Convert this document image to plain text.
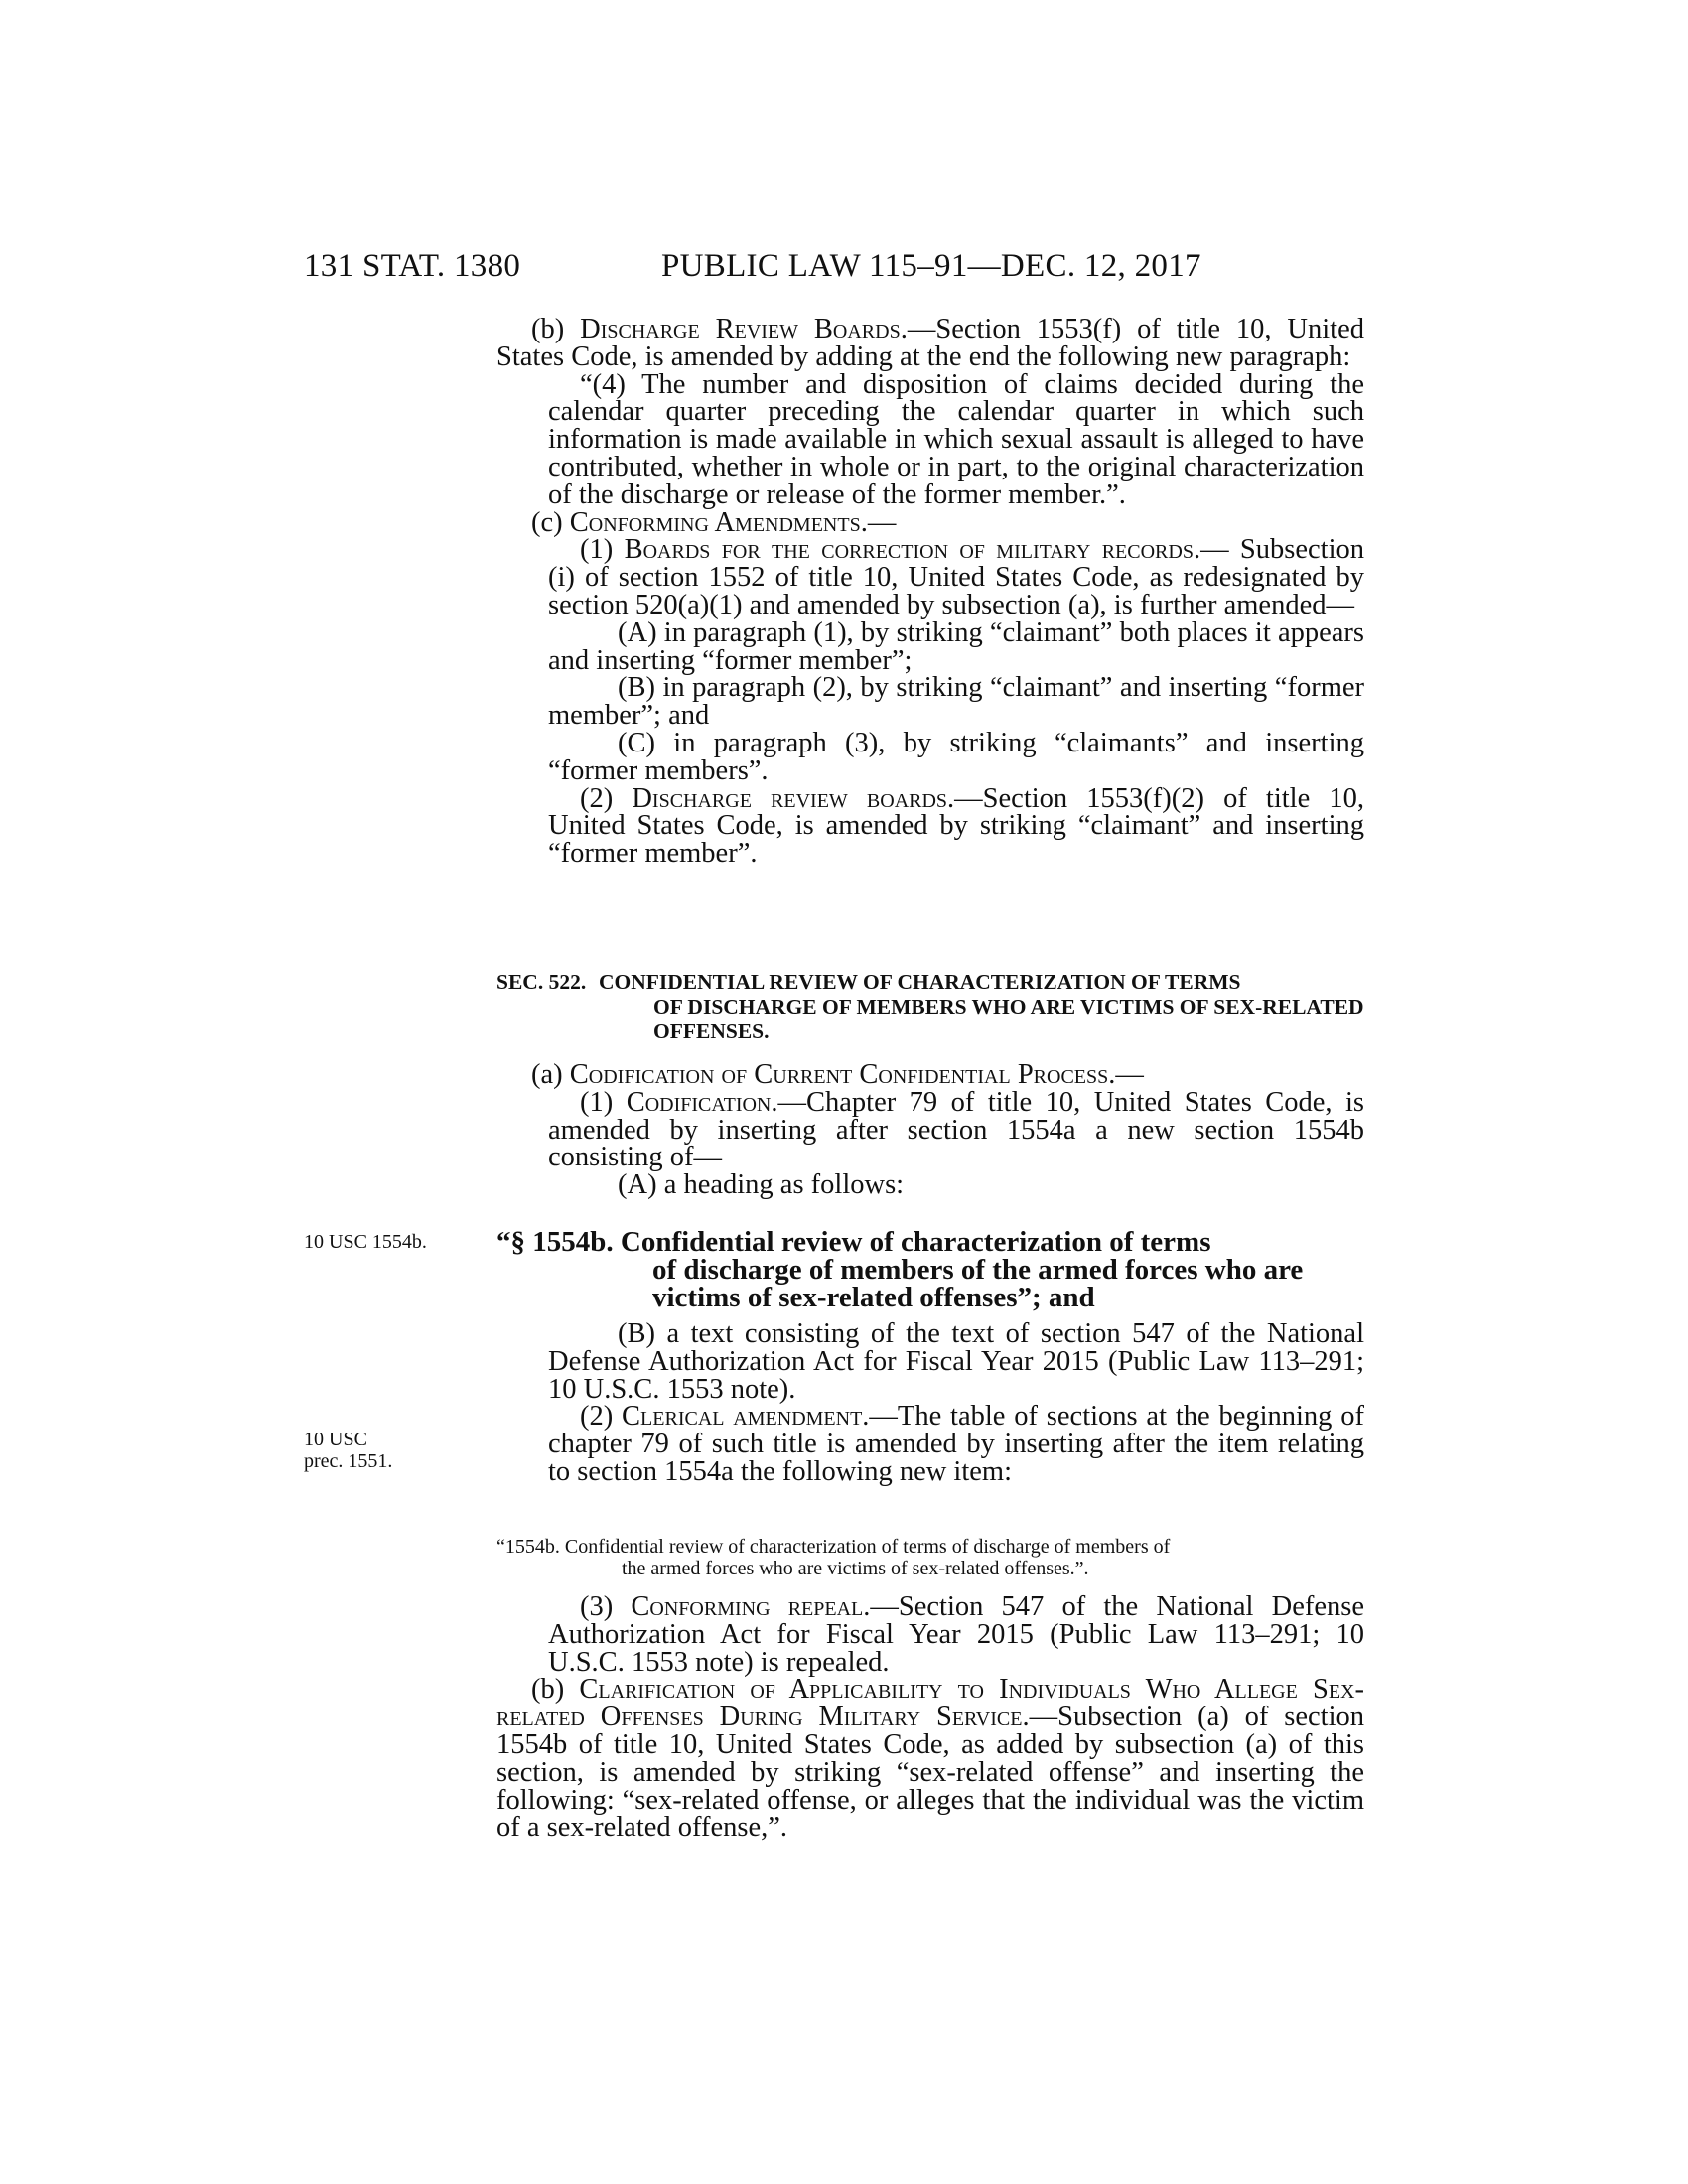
131 STAT. 1380	PUBLIC LAW 115–91—DEC. 12, 2017

(b) Discharge Review Boards.—Section 1553(f) of title 10, United States Code, is amended by adding at the end the following new paragraph:

“(4) The number and disposition of claims decided during the calendar quarter preceding the calendar quarter in which such information is made available in which sexual assault is alleged to have contributed, whether in whole or in part, to the original characterization of the discharge or release of the former member.”.

(c) Conforming Amendments.—

(1) Boards for the correction of military records.— Subsection (i) of section 1552 of title 10, United States Code, as redesignated by section 520(a)(1) and amended by subsection (a), is further amended—

(A) in paragraph (1), by striking “claimant” both places it appears and inserting “former member”;

(B) in paragraph (2), by striking “claimant” and inserting “former member”; and

(C) in paragraph (3), by striking “claimants” and inserting “former members”.

(2) Discharge review boards.—Section 1553(f)(2) of title 10, United States Code, is amended by striking “claimant” and inserting “former member”.

SEC. 522. CONFIDENTIAL REVIEW OF CHARACTERIZATION OF TERMS
OF DISCHARGE OF MEMBERS WHO ARE VICTIMS OF SEX-RELATED OFFENSES.

(a) Codification of Current Confidential Process.—

(1) Codification.—Chapter 79 of title 10, United States Code, is amended by inserting after section 1554a a new section 1554b consisting of—

(A) a heading as follows:

10 USC 1554b. “§ 1554b. Confidential review of characterization of terms
of discharge of members of the armed forces who are victims of sex-related offenses”; and

(B) a text consisting of the text of section 547 of the National Defense Authorization Act for Fiscal Year 2015 (Public Law 113–291; 10 U.S.C. 1553 note).

(2) Clerical amendment.—The table of sections at the beginning of chapter 79 of such title is amended by inserting after the item relating to section 1554a the following new item:

10 USC
prec. 1551.
“1554b. Confidential review of characterization of terms of discharge of members of
the armed forces who are victims of sex-related offenses.”.

(3) Conforming repeal.—Section 547 of the National Defense Authorization Act for Fiscal Year 2015 (Public Law 113–291; 10 U.S.C. 1553 note) is repealed.

(b) Clarification of Applicability to Individuals Who Allege Sex-related Offenses During Military Service.—Subsection (a) of section 1554b of title 10, United States Code, as added by subsection (a) of this section, is amended by striking “sex-related offense” and inserting the following: “sex-related offense, or alleges that the individual was the victim of a sex-related offense,”.
